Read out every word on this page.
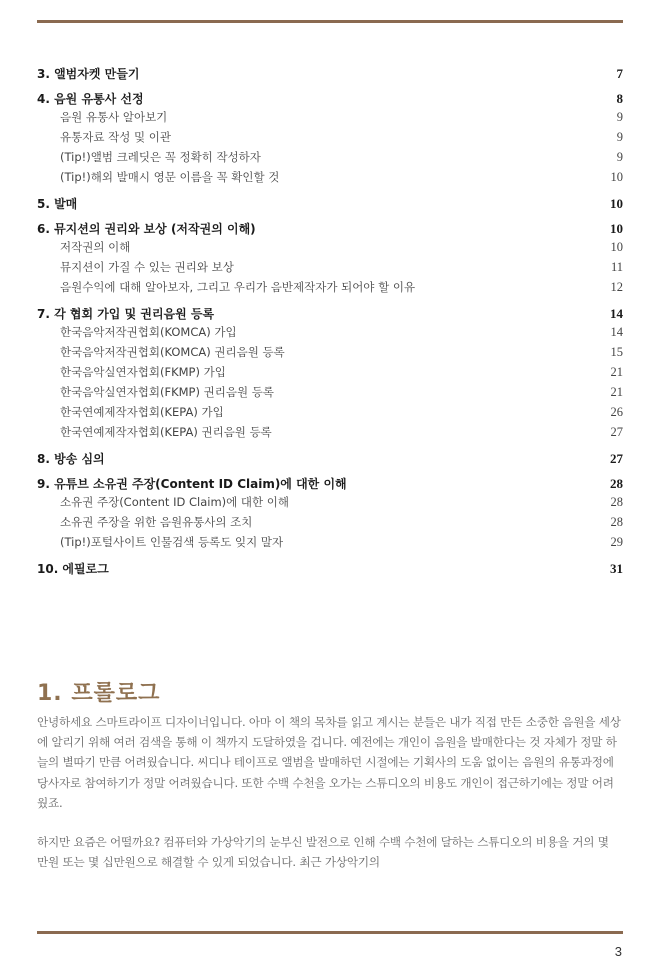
3. 앨범자켓 만들기	7
4. 음원 유통사 선정	8
음원 유통사 알아보기	9
유통자료 작성 및 이관	9
(Tip!)앨범 크레딧은 꼭 정확히 작성하자	9
(Tip!)해외 발매시 영문 이름을 꼭 확인할 것	10
5. 발매	10
6. 뮤지션의 권리와 보상 (저작권의 이해)	10
저작권의 이해	10
뮤지션이 가질 수 있는 권리와 보상	11
음원수익에 대해 알아보자, 그리고 우리가 음반제작자가 되어야 할 이유	12
7. 각 협회 가입 및 권리음원 등록	14
한국음악저작권협회(KOMCA) 가입	14
한국음악저작권협회(KOMCA) 권리음원 등록	15
한국음악실연자협회(FKMP) 가입	21
한국음악실연자협회(FKMP) 권리음원 등록	21
한국연예제작자협회(KEPA) 가입	26
한국연예제작자협회(KEPA) 권리음원 등록	27
8. 방송 심의	27
9. 유튜브 소유권 주장(Content ID Claim)에 대한 이해	28
소유권 주장(Content ID Claim)에 대한 이해	28
소유권 주장을 위한 음원유통사의 조치	28
(Tip!)포털사이트 인물검색 등록도 잊지 말자	29
10. 에필로그	31
1. 프롤로그

안녕하세요 스마트라이프 디자이너입니다. 아마 이 책의 목차를 읽고 계시는 분들은 내가 직접 만든 소중한 음원을 세상에 알리기 위해 여러 검색을 통해 이 책까지 도달하였을 겁니다. 예전에는 개인이 음원을 발매한다는 것 자체가 정말 하늘의 별따기 만큼 어려웠습니다. 씨디나 테이프로 앨범을 발매하던 시절에는 기획사의 도움 없이는 음원의 유통과정에 당사자로 참여하기가 정말 어려웠습니다. 또한 수백 수천을 오가는 스튜디오의 비용도 개인이 접근하기에는 정말 어려웠죠.

하지만 요즘은 어떨까요? 컴퓨터와 가상악기의 눈부신 발전으로 인해 수백 수천에 달하는 스튜디오의 비용을 거의 몇 만원 또는 몇 십만원으로 해결할 수 있게 되었습니다. 최근 가상악기의

3
